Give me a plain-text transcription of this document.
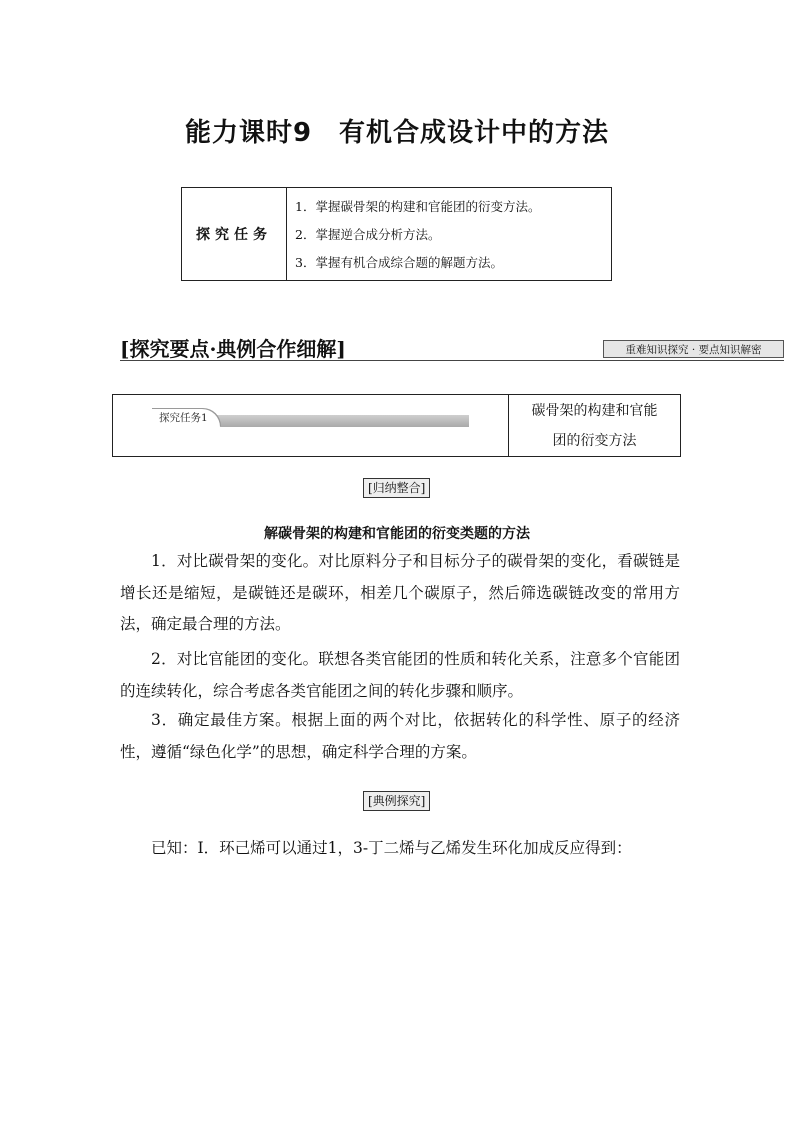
能力课时9　有机合成设计中的方法
探究任务
1．掌握碳骨架的构建和官能团的衍变方法。
2．掌握逆合成分析方法。
3．掌握有机合成综合题的解题方法。
[探究要点·典例合作细解]	重难知识探究 · 要点知识解密
探究任务1	碳骨架的构建和官能
团的衍变方法
[归纳整合]
解碳骨架的构建和官能团的衍变类题的方法

1．对比碳骨架的变化。对比原料分子和目标分子的碳骨架的变化，看碳链是增长还是缩短，是碳链还是碳环，相差几个碳原子，然后筛选碳链改变的常用方法，确定最合理的方法。

2．对比官能团的变化。联想各类官能团的性质和转化关系，注意多个官能团的连续转化，综合考虑各类官能团之间的转化步骤和顺序。

3．确定最佳方案。根据上面的两个对比，依据转化的科学性、原子的经济性，遵循“绿色化学”的思想，确定科学合理的方案。

[典例探究]
已知：Ⅰ．环己烯可以通过1，3-丁二烯与乙烯发生环化加成反应得到：
